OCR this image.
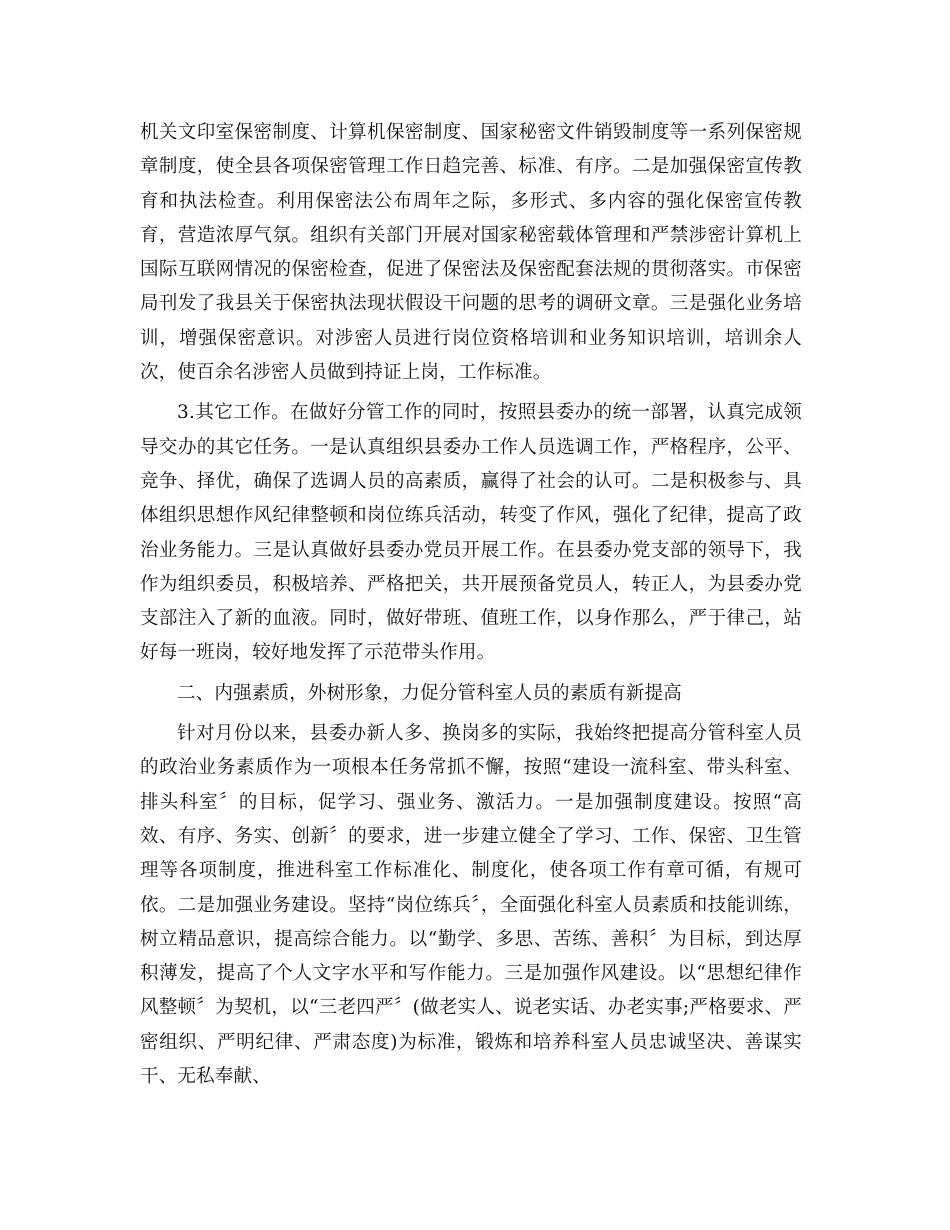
机关文印室保密制度、计算机保密制度、国家秘密文件销毁制度等一系列保密规章制度，使全县各项保密管理工作日趋完善、标准、有序。二是加强保密宣传教育和执法检查。利用保密法公布周年之际，多形式、多内容的强化保密宣传教育，营造浓厚气氛。组织有关部门开展对国家秘密载体管理和严禁涉密计算机上国际互联网情况的保密检查，促进了保密法及保密配套法规的贯彻落实。市保密局刊发了我县关于保密执法现状假设干问题的思考的调研文章。三是强化业务培训，增强保密意识。对涉密人员进行岗位资格培训和业务知识培训，培训余人次，使百余名涉密人员做到持证上岗，工作标准。

3.其它工作。在做好分管工作的同时，按照县委办的统一部署，认真完成领导交办的其它任务。一是认真组织县委办工作人员选调工作，严格程序，公平、竞争、择优，确保了选调人员的高素质，赢得了社会的认可。二是积极参与、具体组织思想作风纪律整顿和岗位练兵活动，转变了作风，强化了纪律，提高了政治业务能力。三是认真做好县委办党员开展工作。在县委办党支部的领导下，我作为组织委员，积极培养、严格把关，共开展预备党员人，转正人，为县委办党支部注入了新的血液。同时，做好带班、值班工作，以身作那么，严于律己，站好每一班岗，较好地发挥了示范带头作用。

二、内强素质，外树形象，力促分管科室人员的素质有新提高

针对月份以来，县委办新人多、换岗多的实际，我始终把提高分管科室人员的政治业务素质作为一项根本任务常抓不懈，按照“建设一流科室、带头科室、排头科室〞的目标，促学习、强业务、激活力。一是加强制度建设。按照“高效、有序、务实、创新〞的要求，进一步建立健全了学习、工作、保密、卫生管理等各项制度，推进科室工作标准化、制度化，使各项工作有章可循，有规可依。二是加强业务建设。坚持“岗位练兵〞，全面强化科室人员素质和技能训练，树立精品意识，提高综合能力。以“勤学、多思、苦练、善积〞为目标，到达厚积薄发，提高了个人文字水平和写作能力。三是加强作风建设。以“思想纪律作风整顿〞为契机，以“三老四严〞(做老实人、说老实话、办老实事;严格要求、严密组织、严明纪律、严肃态度)为标准，锻炼和培养科室人员忠诚坚决、善谋实干、无私奉献、
